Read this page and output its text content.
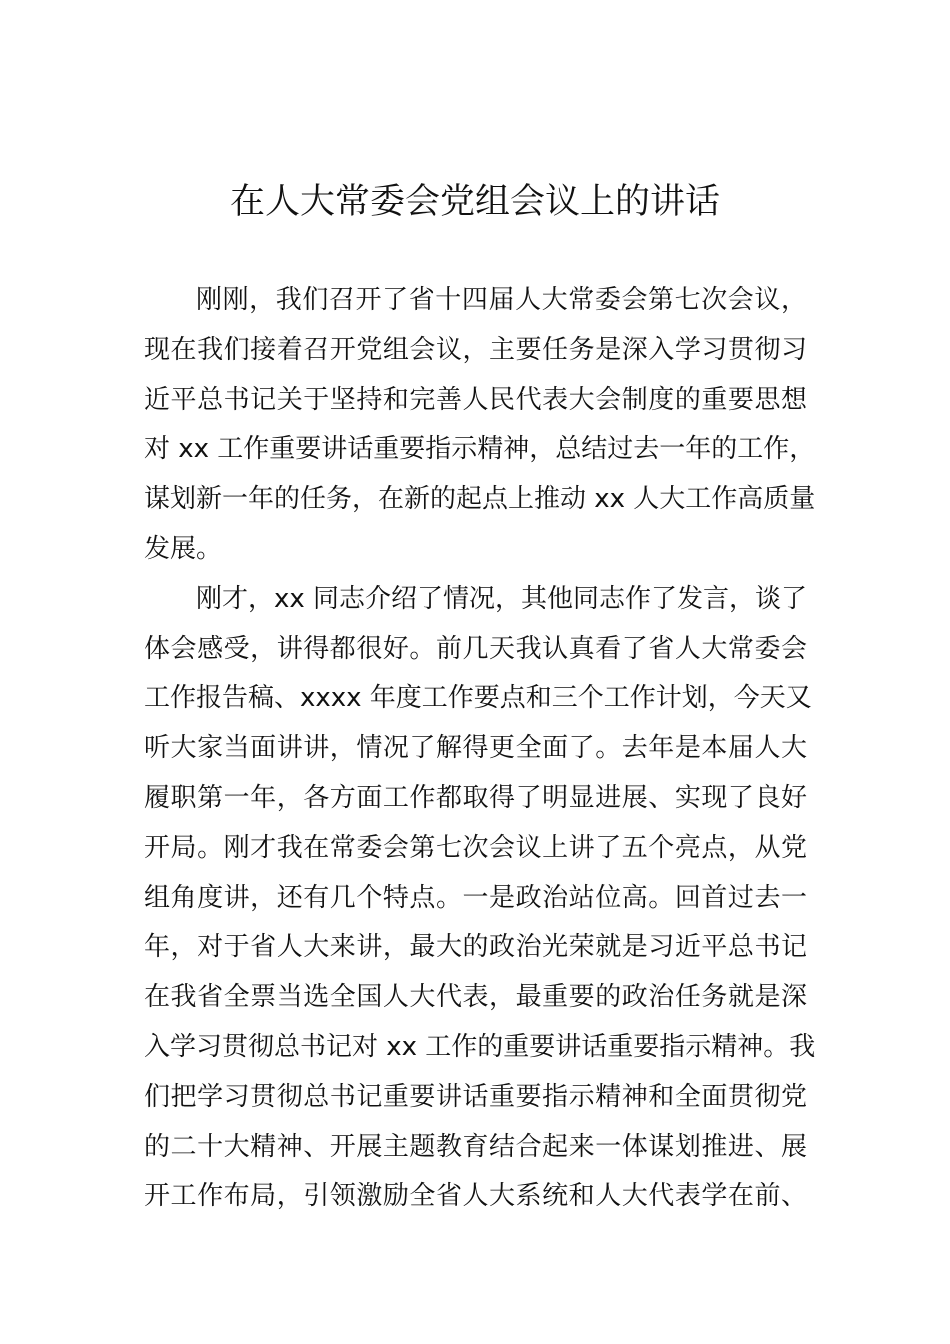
在人大常委会党组会议上的讲话
刚刚，我们召开了省十四届人大常委会第七次会议，
现在我们接着召开党组会议，主要任务是深入学习贯彻习
近平总书记关于坚持和完善人民代表大会制度的重要思想
对 xx 工作重要讲话重要指示精神，总结过去一年的工作，
谋划新一年的任务，在新的起点上推动 xx 人大工作高质量
发展。
刚才，xx 同志介绍了情况，其他同志作了发言，谈了
体会感受，讲得都很好。前几天我认真看了省人大常委会
工作报告稿、xxxx 年度工作要点和三个工作计划，今天又
听大家当面讲讲，情况了解得更全面了。去年是本届人大
履职第一年，各方面工作都取得了明显进展、实现了良好
开局。刚才我在常委会第七次会议上讲了五个亮点，从党
组角度讲，还有几个特点。一是政治站位高。回首过去一
年，对于省人大来讲，最大的政治光荣就是习近平总书记
在我省全票当选全国人大代表，最重要的政治任务就是深
入学习贯彻总书记对 xx 工作的重要讲话重要指示精神。我
们把学习贯彻总书记重要讲话重要指示精神和全面贯彻党
的二十大精神、开展主题教育结合起来一体谋划推进、展
开工作布局，引领激励全省人大系统和人大代表学在前、
